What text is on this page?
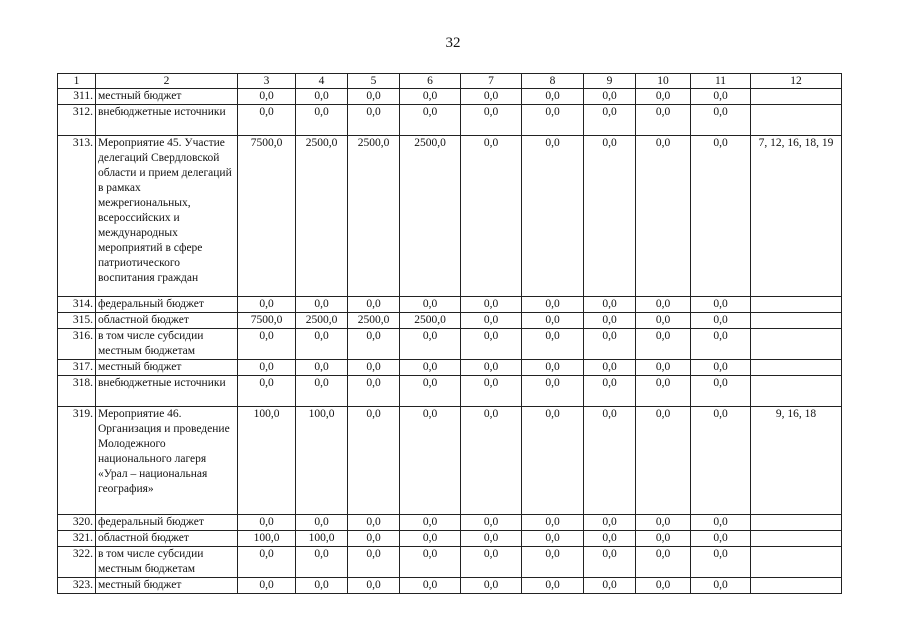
32
1	2	3	4	5	6	7	8	9	10	11	12
311.	местный бюджет	0,0	0,0	0,0	0,0	0,0	0,0	0,0	0,0	0,0	
312.	внебюджетные источники	0,0	0,0	0,0	0,0	0,0	0,0	0,0	0,0	0,0	
313.	Мероприятие 45. Участие делегаций Свердловской области и прием делегаций в рамках межрегиональных, всероссийских и международных мероприятий в сфере патриотического воспитания граждан	7500,0	2500,0	2500,0	2500,0	0,0	0,0	0,0	0,0	0,0	7, 12, 16, 18, 19
314.	федеральный бюджет	0,0	0,0	0,0	0,0	0,0	0,0	0,0	0,0	0,0	
315.	областной бюджет	7500,0	2500,0	2500,0	2500,0	0,0	0,0	0,0	0,0	0,0	
316.	в том числе субсидии местным бюджетам	0,0	0,0	0,0	0,0	0,0	0,0	0,0	0,0	0,0	
317.	местный бюджет	0,0	0,0	0,0	0,0	0,0	0,0	0,0	0,0	0,0	
318.	внебюджетные источники	0,0	0,0	0,0	0,0	0,0	0,0	0,0	0,0	0,0	
319.	Мероприятие 46. Организация и проведение Молодежного национального лагеря «Урал – национальная география»	100,0	100,0	0,0	0,0	0,0	0,0	0,0	0,0	0,0	9, 16, 18
320.	федеральный бюджет	0,0	0,0	0,0	0,0	0,0	0,0	0,0	0,0	0,0	
321.	областной бюджет	100,0	100,0	0,0	0,0	0,0	0,0	0,0	0,0	0,0	
322.	в том числе субсидии местным бюджетам	0,0	0,0	0,0	0,0	0,0	0,0	0,0	0,0	0,0	
323.	местный бюджет	0,0	0,0	0,0	0,0	0,0	0,0	0,0	0,0	0,0	
